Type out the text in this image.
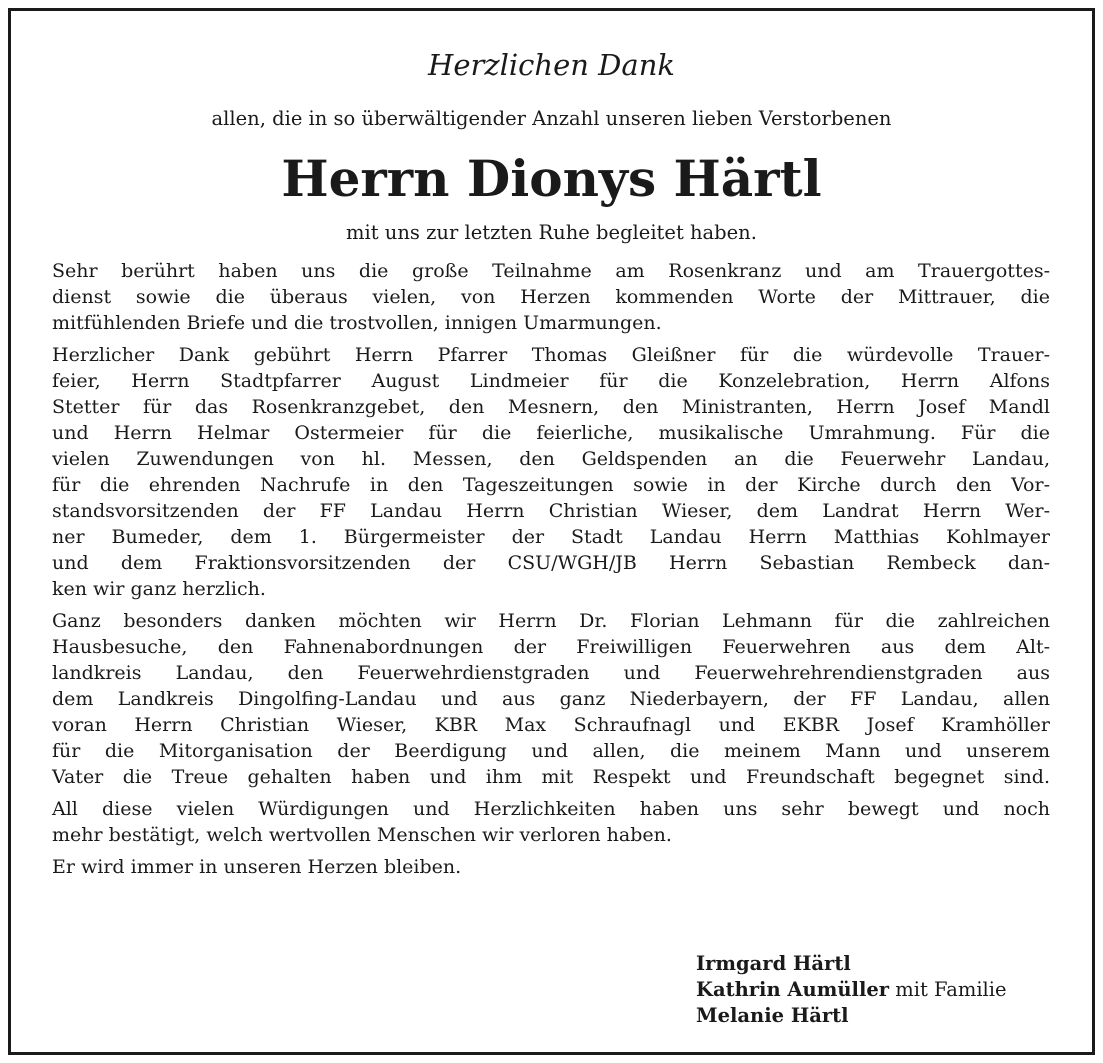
Herzlichen Dank
allen, die in so überwältigender Anzahl unseren lieben Verstorbenen
Herrn Dionys Härtl
mit uns zur letzten Ruhe begleitet haben.

Sehr berührt haben uns die große Teilnahme am Rosenkranz und am Trauergottes-
dienst sowie die überaus vielen, von Herzen kommenden Worte der Mittrauer, die
mitfühlenden Briefe und die trostvollen, innigen Umarmungen.

Herzlicher Dank gebührt Herrn Pfarrer Thomas Gleißner für die würdevolle Trauer-
feier, Herrn Stadtpfarrer August Lindmeier für die Konzelebration, Herrn Alfons
Stetter für das Rosenkranzgebet, den Mesnern, den Ministranten, Herrn Josef Mandl
und Herrn Helmar Ostermeier für die feierliche, musikalische Umrahmung. Für die
vielen Zuwendungen von hl. Messen, den Geldspenden an die Feuerwehr Landau,
für die ehrenden Nachrufe in den Tageszeitungen sowie in der Kirche durch den Vor-
standsvorsitzenden der FF Landau Herrn Christian Wieser, dem Landrat Herrn Wer-
ner Bumeder, dem 1. Bürgermeister der Stadt Landau Herrn Matthias Kohlmayer
und dem Fraktionsvorsitzenden der CSU/WGH/JB Herrn Sebastian Rembeck dan-
ken wir ganz herzlich.

Ganz besonders danken möchten wir Herrn Dr. Florian Lehmann für die zahlreichen
Hausbesuche, den Fahnenabordnungen der Freiwilligen Feuerwehren aus dem Alt-
landkreis Landau, den Feuerwehrdienstgraden und Feuerwehrehrendienstgraden aus
dem Landkreis Dingolfing-Landau und aus ganz Niederbayern, der FF Landau, allen
voran Herrn Christian Wieser, KBR Max Schraufnagl und EKBR Josef Kramhöller
für die Mitorganisation der Beerdigung und allen, die meinem Mann und unserem
Vater die Treue gehalten haben und ihm mit Respekt und Freundschaft begegnet sind.

All diese vielen Würdigungen und Herzlichkeiten haben uns sehr bewegt und noch
mehr bestätigt, welch wertvollen Menschen wir verloren haben.

Er wird immer in unseren Herzen bleiben.

Irmgard Härtl
Kathrin Aumüller mit Familie
Melanie Härtl
